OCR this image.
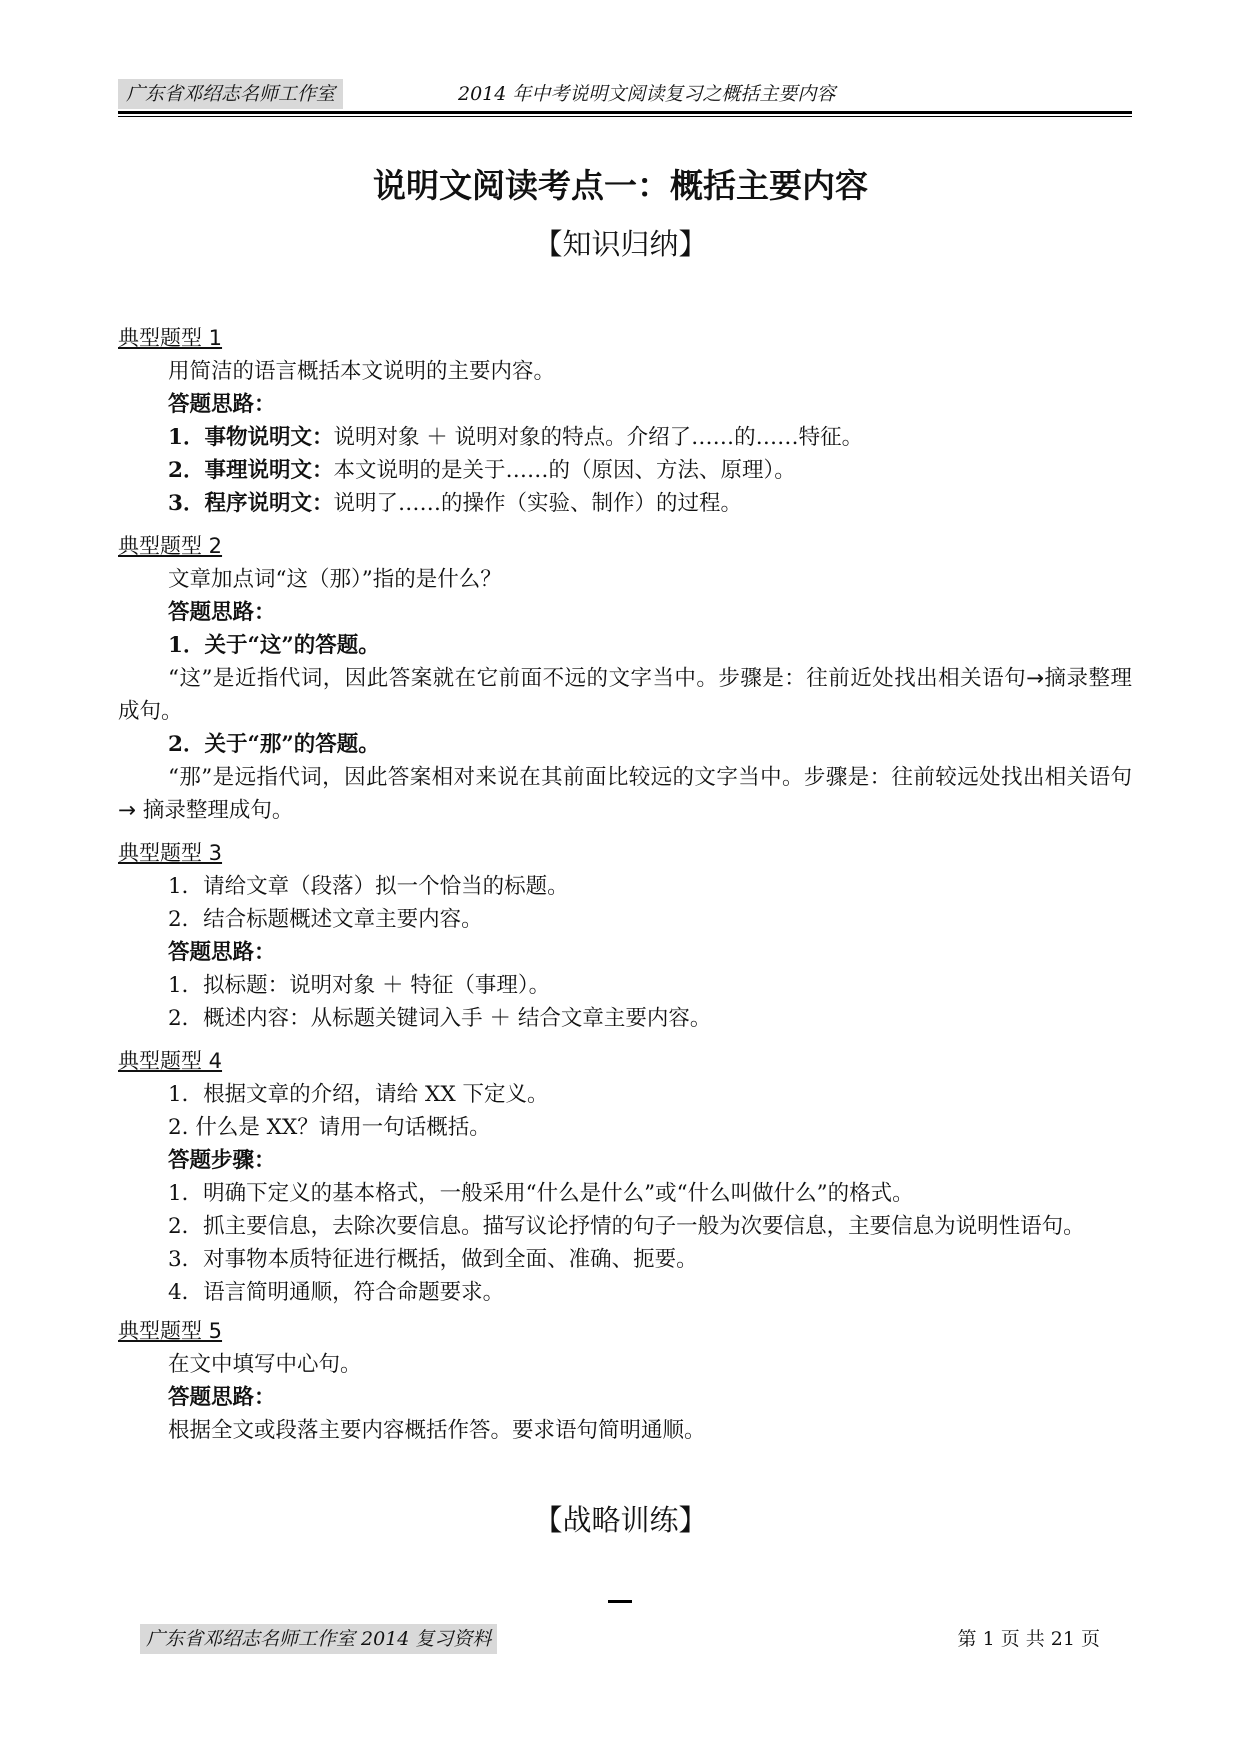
广东省邓绍志名师工作室	2014 年中考说明文阅读复习之概括主要内容
说明文阅读考点一：概括主要内容
【知识归纳】
典型题型 1
用简洁的语言概括本文说明的主要内容。
答题思路：
1．事物说明文：说明对象 ＋ 说明对象的特点。介绍了……的……特征。
2．事理说明文：本文说明的是关于……的（原因、方法、原理）。
3．程序说明文：说明了……的操作（实验、制作）的过程。
典型题型 2
文章加点词“这（那）”指的是什么？
答题思路：
1．关于“这”的答题。
“这”是近指代词，因此答案就在它前面不远的文字当中。步骤是：往前近处找出相关语句→摘录整理成句。
2．关于“那”的答题。
“那”是远指代词，因此答案相对来说在其前面比较远的文字当中。步骤是：往前较远处找出相关语句 → 摘录整理成句。
典型题型 3
1．请给文章（段落）拟一个恰当的标题。
2．结合标题概述文章主要内容。
答题思路：
1．拟标题：说明对象 ＋ 特征（事理）。
2．概述内容：从标题关键词入手 ＋ 结合文章主要内容。
典型题型 4
1．根据文章的介绍，请给 XX 下定义。
2. 什么是 XX？请用一句话概括。
答题步骤：
1．明确下定义的基本格式，一般采用“什么是什么”或“什么叫做什么”的格式。
2．抓主要信息，去除次要信息。描写议论抒情的句子一般为次要信息，主要信息为说明性语句。
3．对事物本质特征进行概括，做到全面、准确、扼要。
4．语言简明通顺，符合命题要求。
典型题型 5
在文中填写中心句。
答题思路：
根据全文或段落主要内容概括作答。要求语句简明通顺。
【战略训练】
广东省邓绍志名师工作室 2014 复习资料	第 1 页 共 21 页
